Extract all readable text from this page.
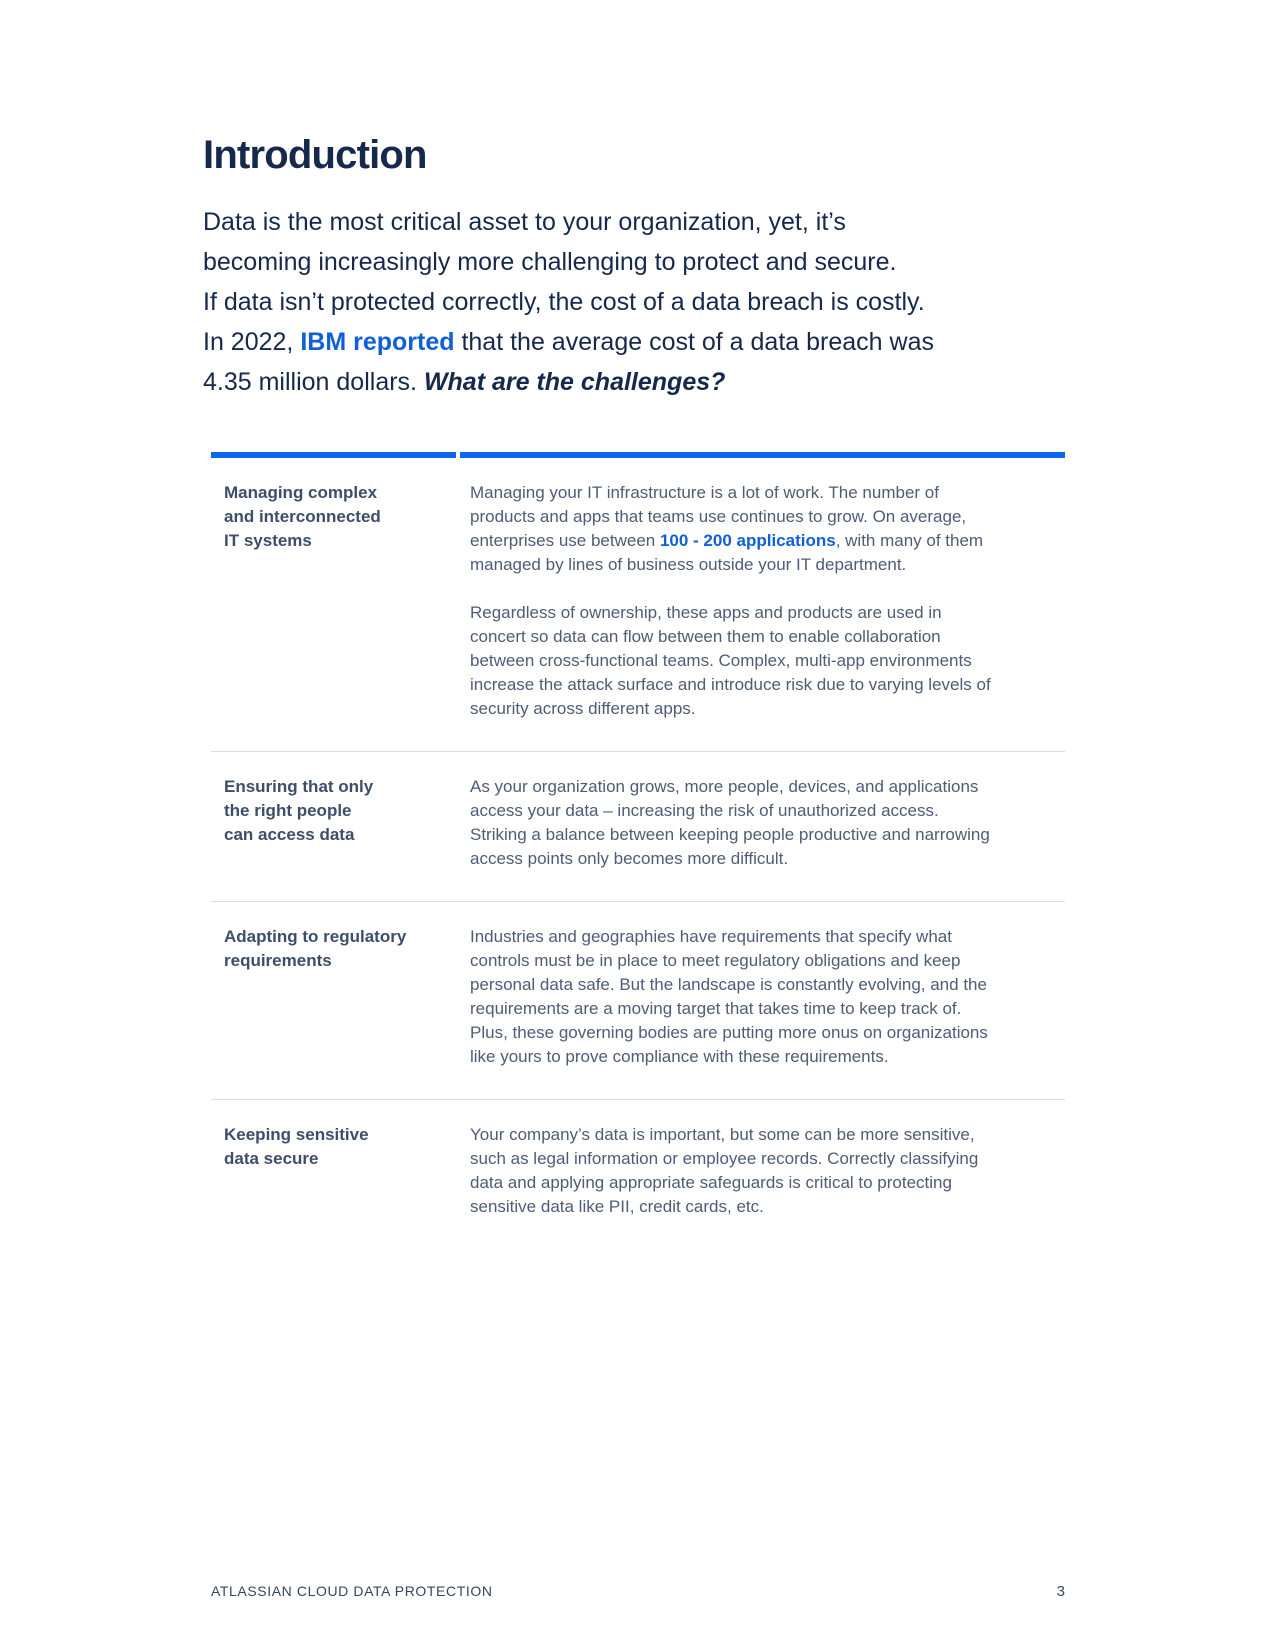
Introduction

Data is the most critical asset to your organization, yet, it’s
becoming increasingly more challenging to protect and secure.
If data isn’t protected correctly, the cost of a data breach is costly.
In 2022, IBM reported that the average cost of a data breach was
4.35 million dollars. What are the challenges?

Managing complex
and interconnected
IT systems

Managing your IT infrastructure is a lot of work. The number of products and apps that teams use continues to grow. On average, enterprises use between 100 - 200 applications, with many of them managed by lines of business outside your IT department.

Regardless of ownership, these apps and products are used in concert so data can flow between them to enable collaboration between cross-functional teams. Complex, multi-app environments increase the attack surface and introduce risk due to varying levels of security across different apps.

Ensuring that only
the right people
can access data

As your organization grows, more people, devices, and applications access your data – increasing the risk of unauthorized access. Striking a balance between keeping people productive and narrowing access points only becomes more difficult.

Adapting to regulatory
requirements

Industries and geographies have requirements that specify what controls must be in place to meet regulatory obligations and keep personal data safe. But the landscape is constantly evolving, and the requirements are a moving target that takes time to keep track of. Plus, these governing bodies are putting more onus on organizations like yours to prove compliance with these requirements.

Keeping sensitive
data secure

Your company’s data is important, but some can be more sensitive, such as legal information or employee records. Correctly classifying data and applying appropriate safeguards is critical to protecting sensitive data like PII, credit cards, etc.

ATLASSIAN CLOUD DATA PROTECTION	3
